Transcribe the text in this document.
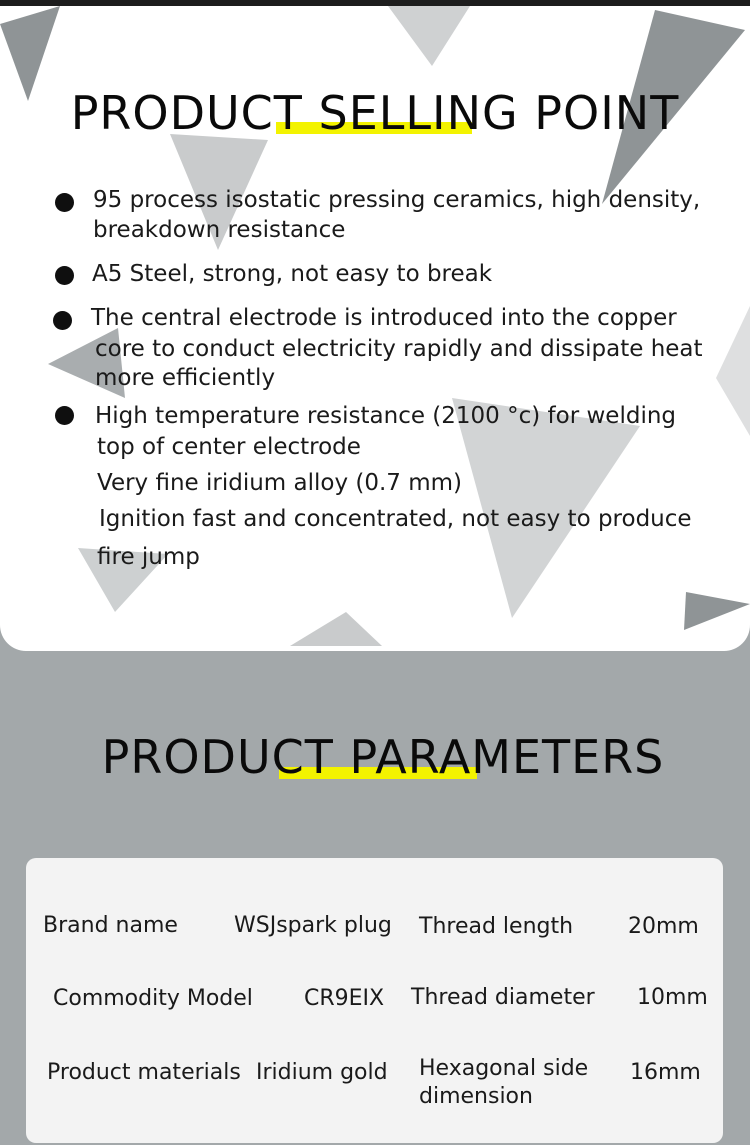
PRODUCT SELLING POINT
95 process isostatic pressing ceramics, high density,
breakdown resistance
A5 Steel, strong, not easy to break
The central electrode is introduced into the copper
core to conduct electricity rapidly and dissipate heat
more efficiently
High temperature resistance (2100 °c) for welding
top of center electrode
Very fine iridium alloy (0.7 mm)
Ignition fast and concentrated, not easy to produce
fire jump
PRODUCT PARAMETERS
Brand name	WSJspark plug Thread length 20mm
Commodity Model CR9EIX Thread diameter 10mm
Product materials Iridium gold Hexagonal side
dimension
16mm
